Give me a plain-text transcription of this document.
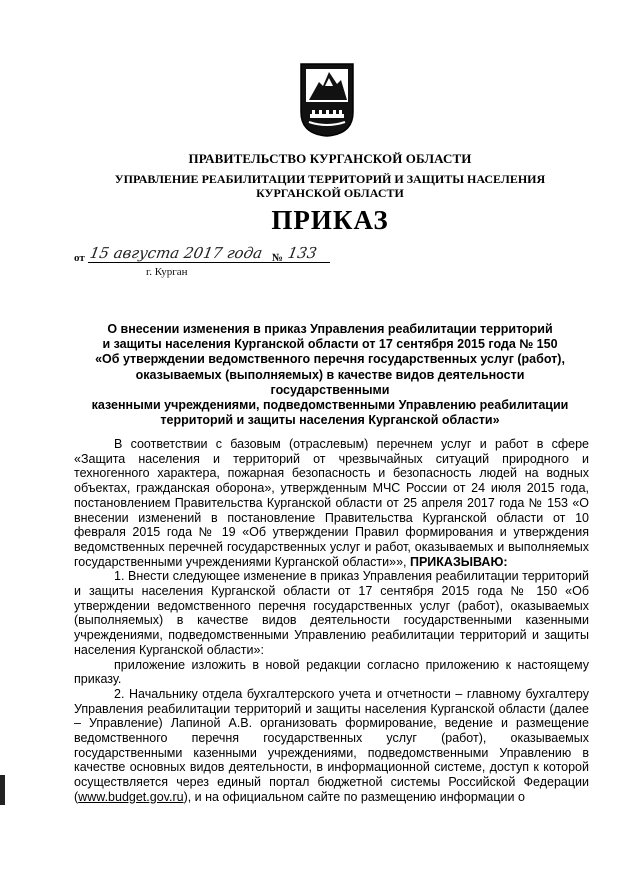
ПРАВИТЕЛЬСТВО КУРГАНСКОЙ ОБЛАСТИ
УПРАВЛЕНИЕ РЕАБИЛИТАЦИИ ТЕРРИТОРИЙ И ЗАЩИТЫ НАСЕЛЕНИЯ
КУРГАНСКОЙ ОБЛАСТИ
ПРИКАЗ
от 15 августа 2017 года № 133
г. Курган
О внесении изменения в приказ Управления реабилитации территорий
и защиты населения Курганской области от 17 сентября 2015 года № 150
«Об утверждении ведомственного перечня государственных услуг (работ),
оказываемых (выполняемых) в качестве видов деятельности государственными
казенными учреждениями, подведомственными Управлению реабилитации
территорий и защиты населения Курганской области»

В соответствии с базовым (отраслевым) перечнем услуг и работ в сфере «Защита населения и территорий от чрезвычайных ситуаций природного и техногенного характера, пожарная безопасность и безопасность людей на водных объектах, гражданская оборона», утвержденным МЧС России от 24 июля 2015 года, постановлением Правительства Курганской области от 25 апреля 2017 года № 153 «О внесении изменений в постановление Правительства Курганской области от 10 февраля 2015 года № 19 «Об утверждении Правил формирования и утверждения ведомственных перечней государственных услуг и работ, оказываемых и выполняемых государственными учреждениями Курганской области»», ПРИКАЗЫВАЮ:

1. Внести следующее изменение в приказ Управления реабилитации территорий и защиты населения Курганской области от 17 сентября 2015 года № 150 «Об утверждении ведомственного перечня государственных услуг (работ), оказываемых (выполняемых) в качестве видов деятельности государственными казенными учреждениями, подведомственными Управлению реабилитации территорий и защиты населения Курганской области»:

приложение изложить в новой редакции согласно приложению к настоящему приказу.

2. Начальнику отдела бухгалтерского учета и отчетности – главному бухгалтеру Управления реабилитации территорий и защиты населения Курганской области (далее – Управление) Лапиной А.В. организовать формирование, ведение и размещение ведомственного перечня государственных услуг (работ), оказываемых государственными казенными учреждениями, подведомственными Управлению в качестве основных видов деятельности, в информационной системе, доступ к которой осуществляется через единый портал бюджетной системы Российской Федерации (www.budget.gov.ru), и на официальном сайте по размещению информации о
